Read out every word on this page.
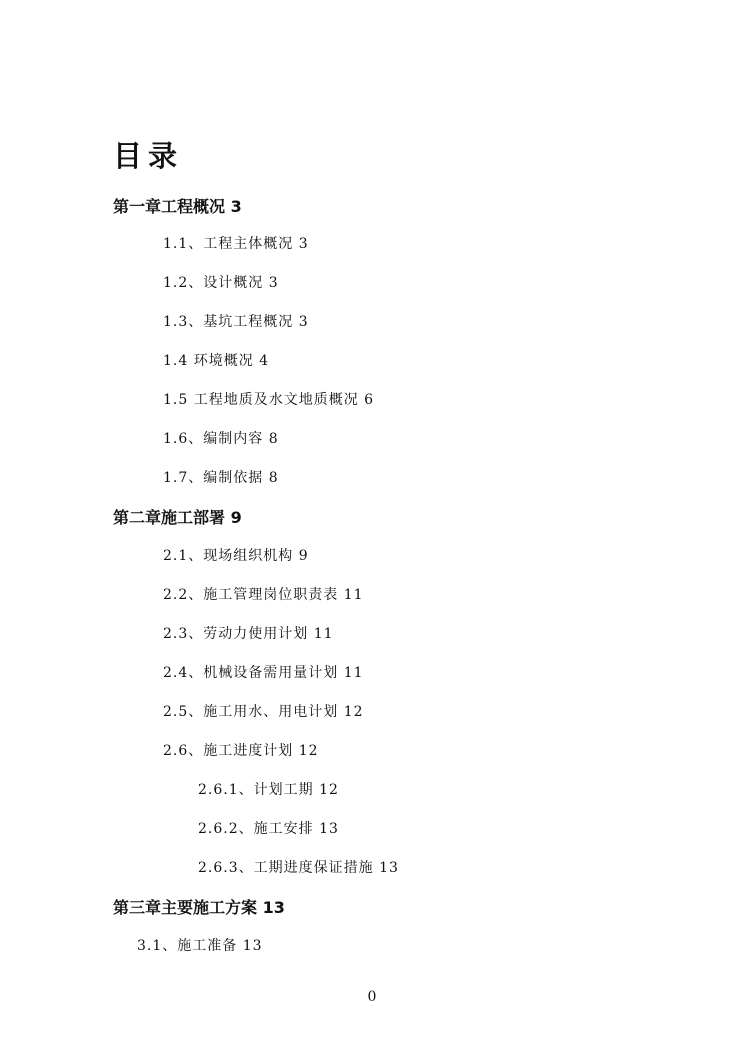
目录
第一章工程概况 3
1.1、工程主体概况 3
1.2、设计概况 3
1.3、基坑工程概况 3
1.4 环境概况 4
1.5 工程地质及水文地质概况 6
1.6、编制内容 8
1.7、编制依据 8
第二章施工部署 9
2.1、现场组织机构 9
2.2、施工管理岗位职责表 11
2.3、劳动力使用计划 11
2.4、机械设备需用量计划 11
2.5、施工用水、用电计划 12
2.6、施工进度计划 12
2.6.1、计划工期 12
2.6.2、施工安排 13
2.6.3、工期进度保证措施 13
第三章主要施工方案 13
3.1、施工准备 13
0
